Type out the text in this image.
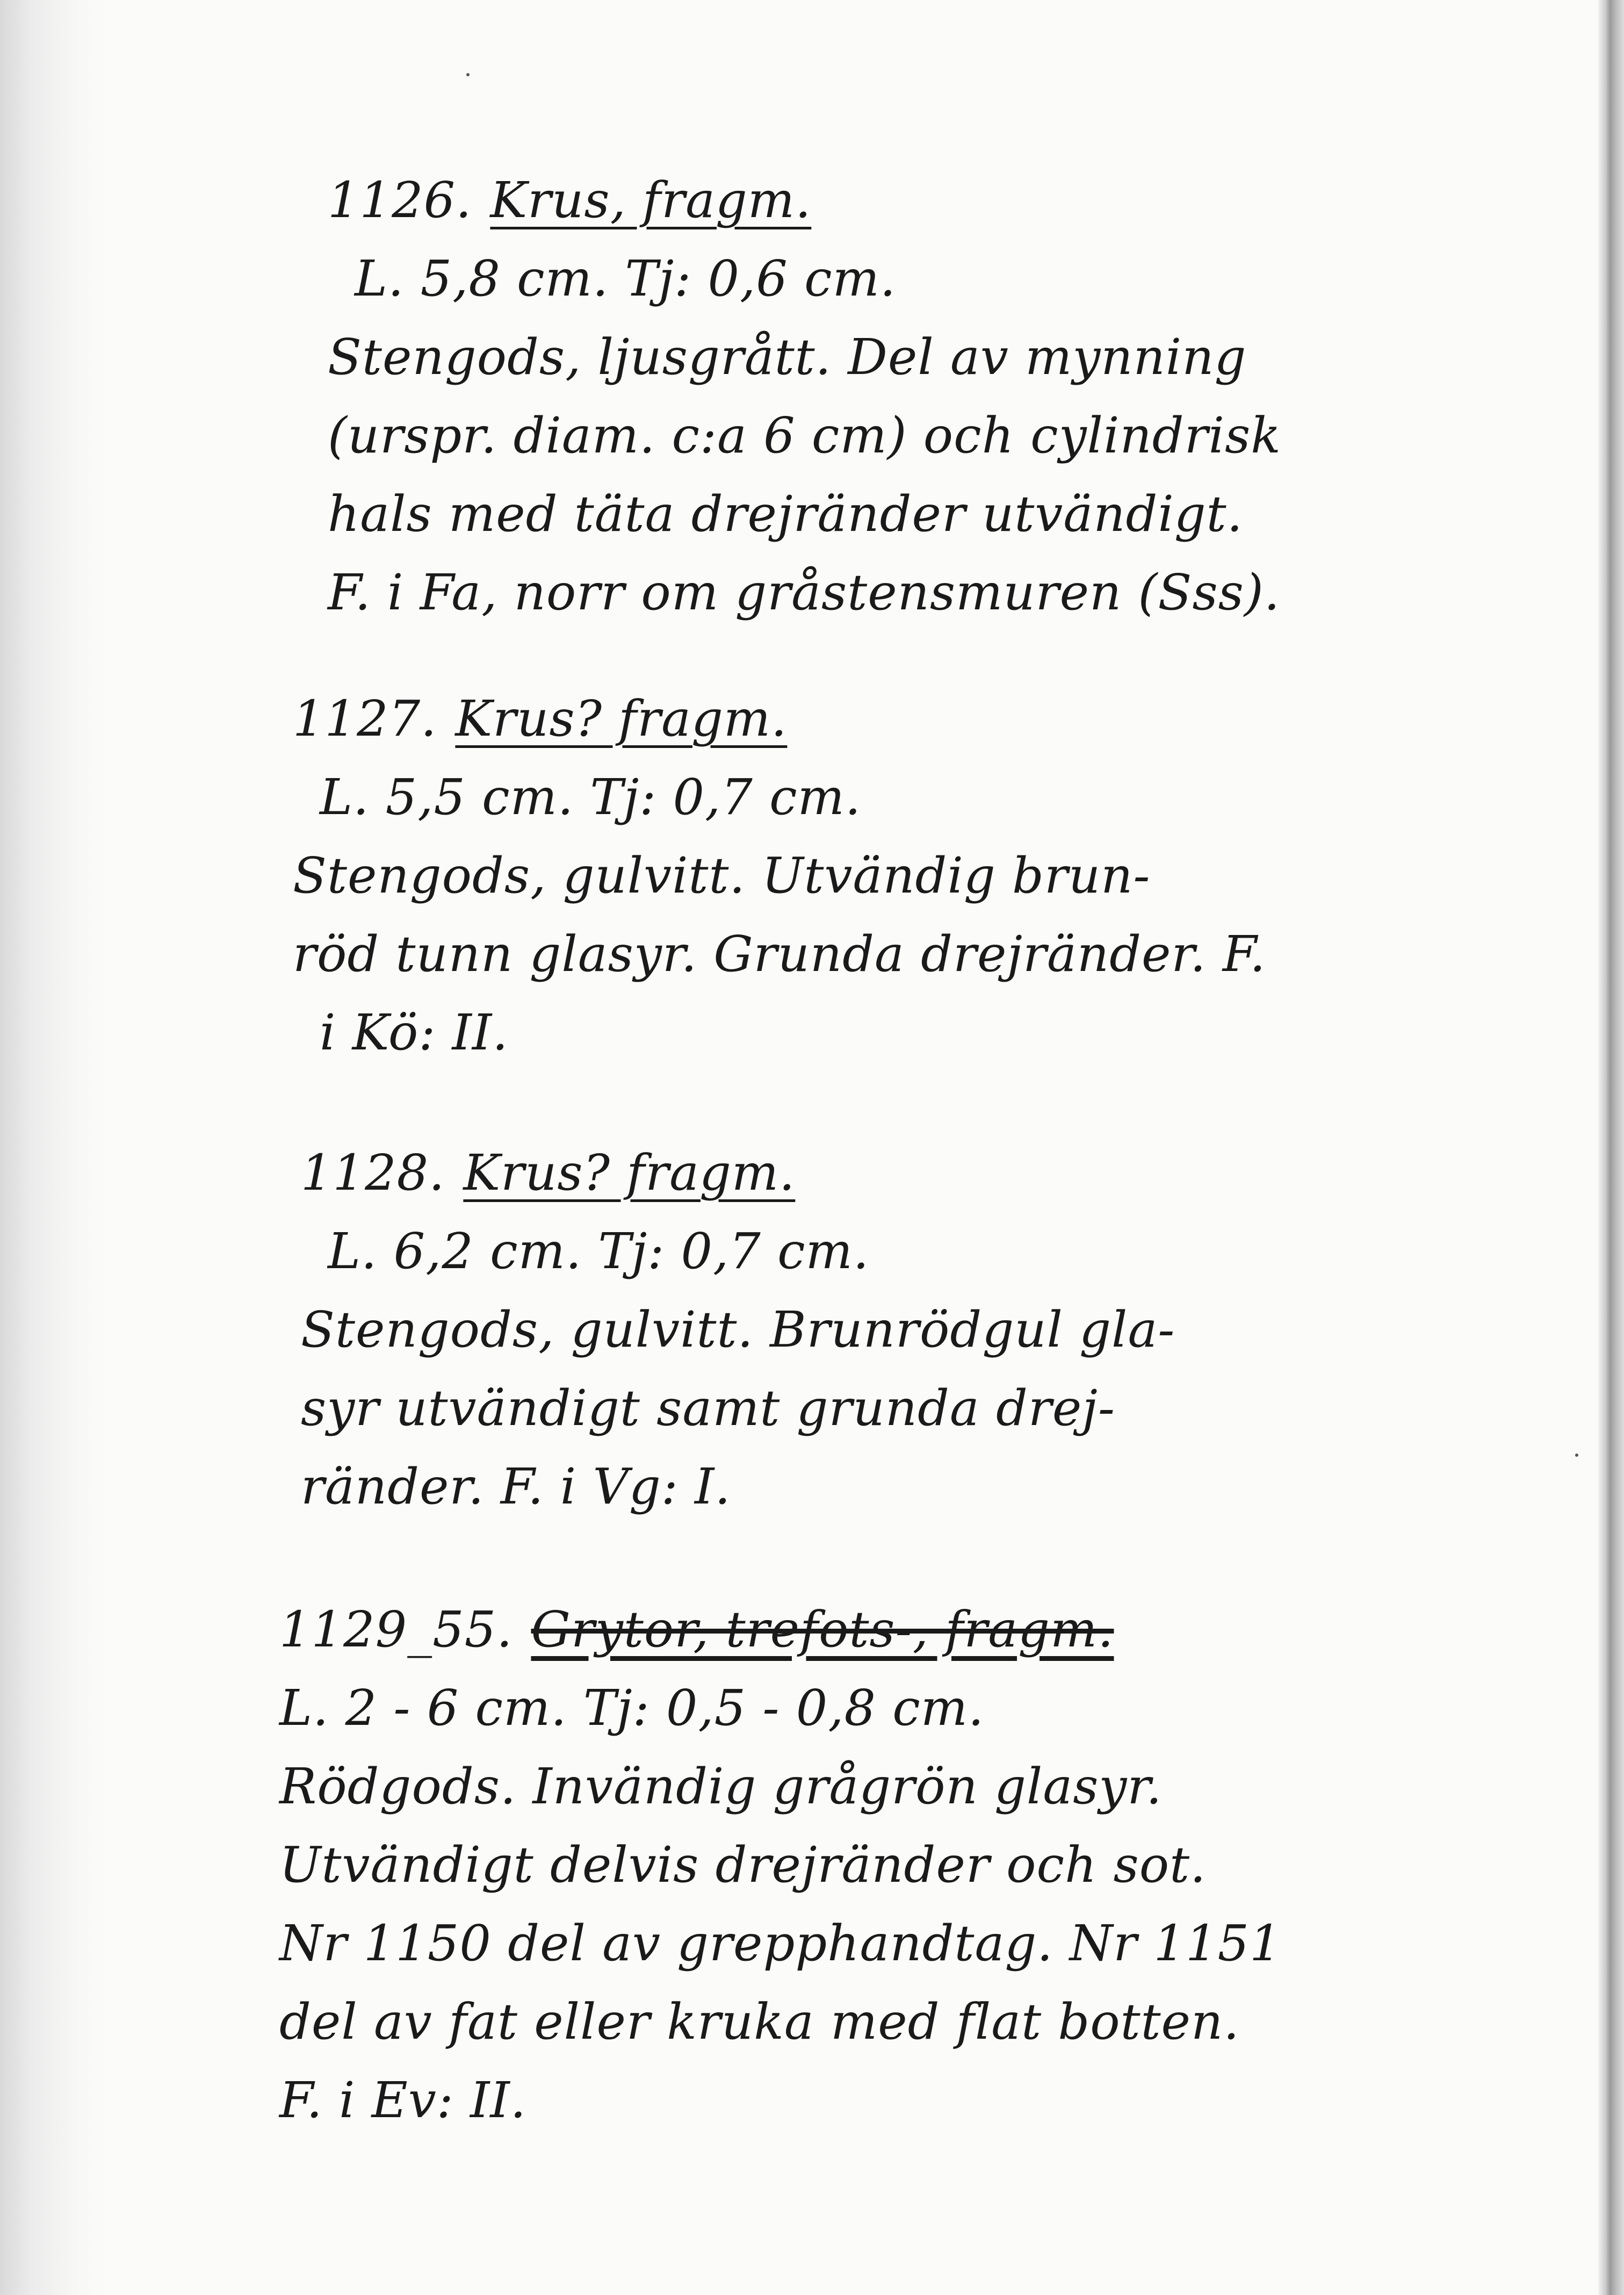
1126. Krus, fragm.
L. 5,8 cm. Tj: 0,6 cm.
Stengods, ljusgrått. Del av mynning
(urspr. diam. c:a 6 cm) och cylindrisk
hals med täta drejränder utvändigt.
F. i Fa, norr om gråstensmuren (Sss).
1127. Krus? fragm.
L. 5,5 cm. Tj: 0,7 cm.
Stengods, gulvitt. Utvändig brun-
röd tunn glasyr. Grunda drejränder. F.
i Kö: II.
1128. Krus? fragm.
L. 6,2 cm. Tj: 0,7 cm.
Stengods, gulvitt. Brunrödgul gla-
syr utvändigt samt grunda drej-
ränder. F. i Vg: I.
1129_55. Grytor, trefots-, fragm.
L. 2 - 6 cm. Tj: 0,5 - 0,8 cm.
Rödgods. Invändig grågrön glasyr.
Utvändigt delvis drejränder och sot.
Nr 1150 del av grepphandtag. Nr 1151
del av fat eller kruka med flat botten.
F. i Ev: II.
